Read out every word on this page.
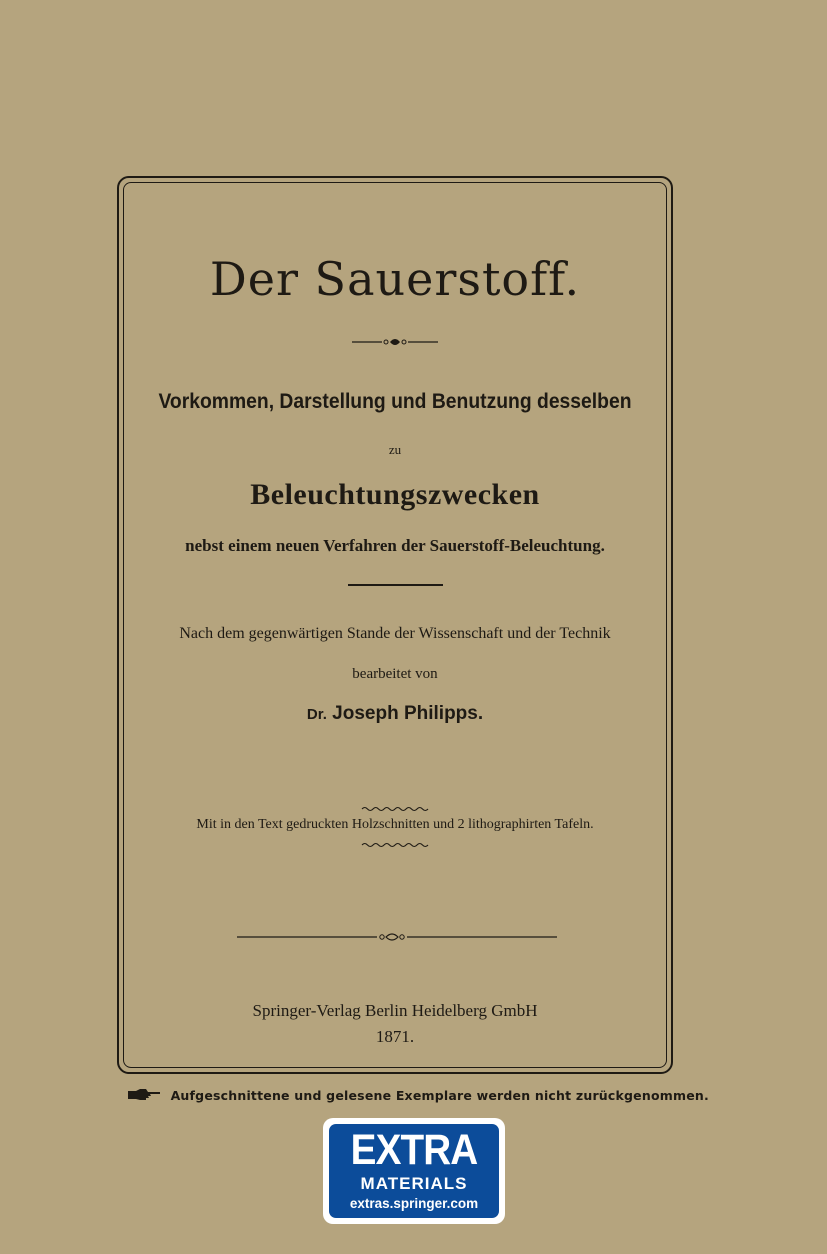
Der Sauerstoff.
Vorkommen, Darstellung und Benutzung desselben
zu
Beleuchtungszwecken
nebst einem neuen Verfahren der Sauerstoff-Beleuchtung.
Nach dem gegenwärtigen Stande der Wissenschaft und der Technik
bearbeitet von
Dr. Joseph Philipps.
Mit in den Text gedruckten Holzschnitten und 2 lithographirten Tafeln.
Springer-Verlag Berlin Heidelberg GmbH
1871.
Aufgeschnittene und gelesene Exemplare werden nicht zurückgenommen.
EXTRA
MATERIALS
extras.springer.com
